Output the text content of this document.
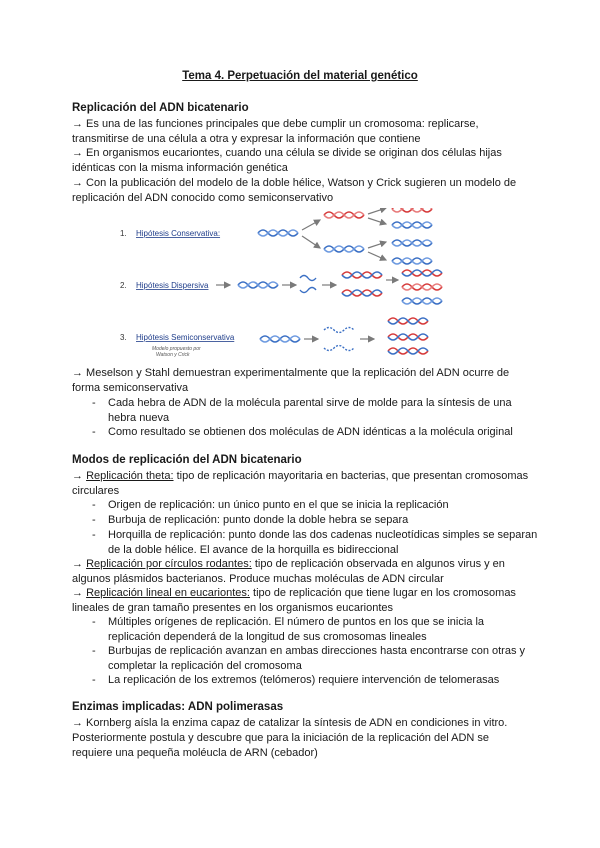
Tema 4. Perpetuación del material genético
Replicación del ADN bicatenario
→ Es una de las funciones principales que debe cumplir un cromosoma: replicarse, transmitirse de una célula a otra y expresar la información que contiene
→ En organismos eucariontes, cuando una célula se divide se originan dos células hijas idénticas con la misma información genética
→ Con la publicación del modelo de la doble hélice, Watson y Crick sugieren un modelo de replicación del ADN conocido como semiconservativo
1. Hipótesis Conservativa:
2. Hipótesis Dispersiva
3. Hipótesis Semiconservativa
Modelo propuesto por
Watson y Crick
→ Meselson y Stahl demuestran experimentalmente que la replicación del ADN ocurre de forma semiconservativa
- Cada hebra de ADN de la molécula parental sirve de molde para la síntesis de una hebra nueva
- Como resultado se obtienen dos moléculas de ADN idénticas a la molécula original
Modos de replicación del ADN bicatenario
→ Replicación theta: tipo de replicación mayoritaria en bacterias, que presentan cromosomas circulares
- Origen de replicación: un único punto en el que se inicia la replicación
- Burbuja de replicación: punto donde la doble hebra se separa
- Horquilla de replicación: punto donde las dos cadenas nucleotídicas simples se separan de la doble hélice. El avance de la horquilla es bidireccional
→ Replicación por círculos rodantes: tipo de replicación observada en algunos virus y en algunos plásmidos bacterianos. Produce muchas moléculas de ADN circular
→ Replicación lineal en eucariontes: tipo de replicación que tiene lugar en los cromosomas lineales de gran tamaño presentes en los organismos eucariontes
- Múltiples orígenes de replicación. El número de puntos en los que se inicia la replicación dependerá de la longitud de sus cromosomas lineales
- Burbujas de replicación avanzan en ambas direcciones hasta encontrarse con otras y completar la replicación del cromosoma
- La replicación de los extremos (telómeros) requiere intervención de telomerasas
Enzimas implicadas: ADN polimerasas
→ Kornberg aísla la enzima capaz de catalizar la síntesis de ADN en condiciones in vitro. Posteriormente postula y descubre que para la iniciación de la replicación del ADN se requiere una pequeña moléucla de ARN (cebador)
